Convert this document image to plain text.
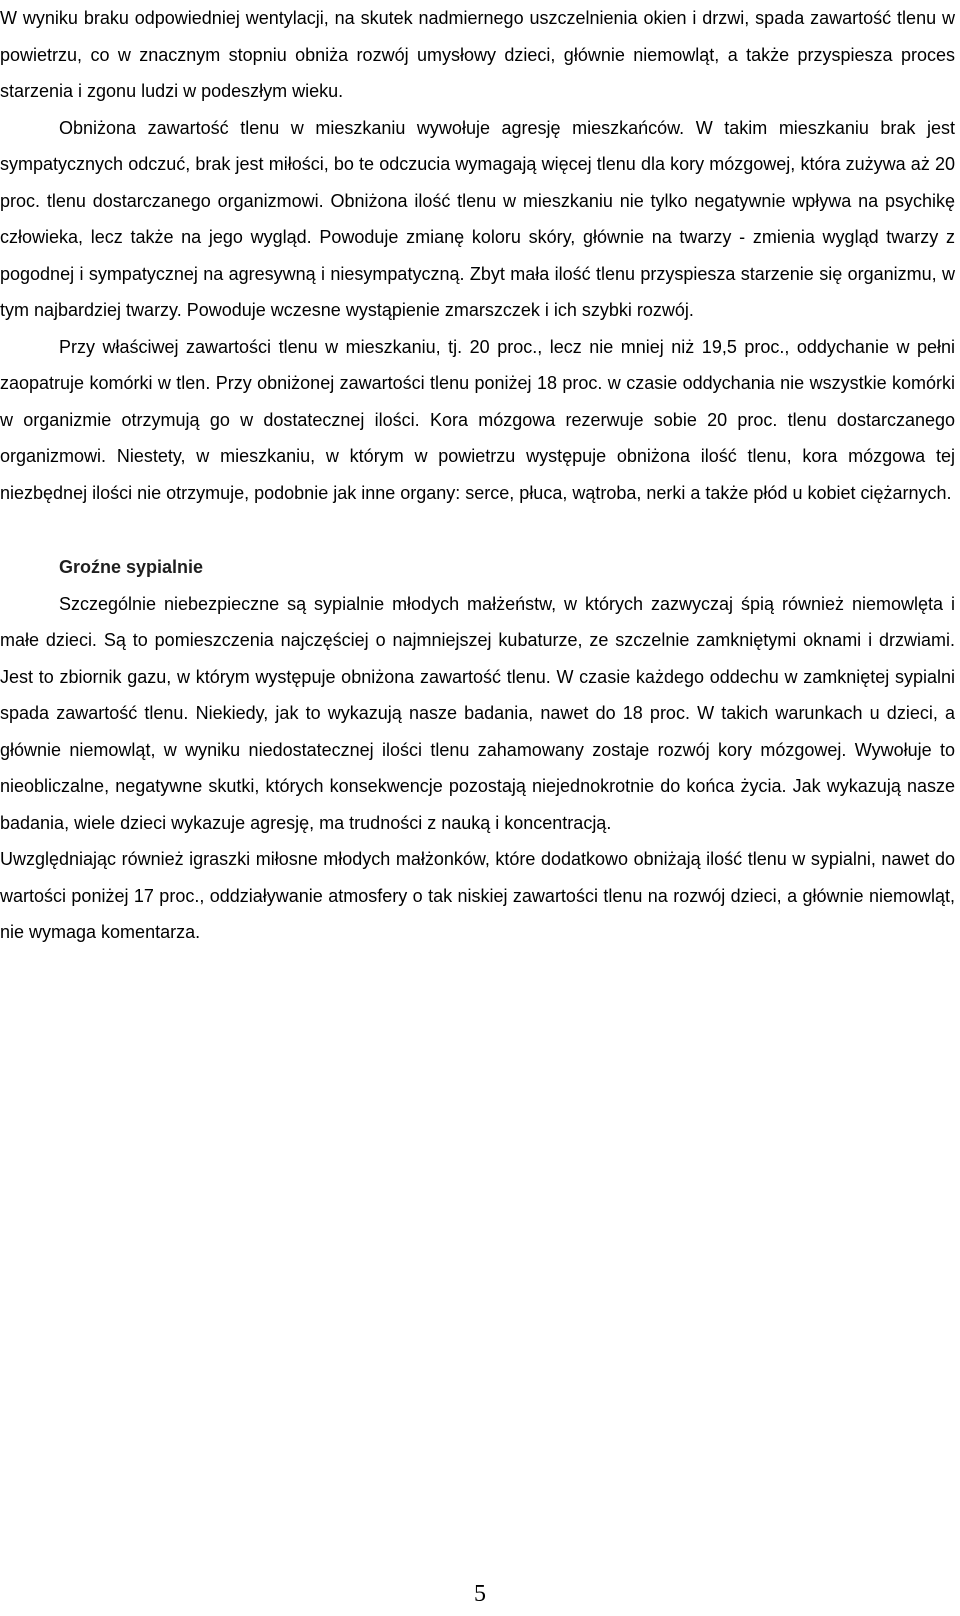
W wyniku braku odpowiedniej wentylacji, na skutek nadmiernego uszczelnienia okien i drzwi, spada zawartość tlenu w powietrzu, co w znacznym stopniu obniża rozwój umysłowy dzieci, głównie niemowląt, a także przyspiesza proces starzenia i zgonu ludzi w podeszłym wieku.

Obniżona zawartość tlenu w mieszkaniu wywołuje agresję mieszkańców. W takim mieszkaniu brak jest sympatycznych odczuć, brak jest miłości, bo te odczucia wymagają więcej tlenu dla kory mózgowej, która zużywa aż 20 proc. tlenu dostarczanego organizmowi. Obniżona ilość tlenu w mieszkaniu nie tylko negatywnie wpływa na psychikę człowieka, lecz także na jego wygląd. Powoduje zmianę koloru skóry, głównie na twarzy - zmienia wygląd twarzy z pogodnej i sympatycznej na agresywną i niesympatyczną. Zbyt mała ilość tlenu przyspiesza starzenie się organizmu, w tym najbardziej twarzy. Powoduje wczesne wystąpienie zmarszczek i ich szybki rozwój.

Przy właściwej zawartości tlenu w mieszkaniu, tj. 20 proc., lecz nie mniej niż 19,5 proc., oddychanie w pełni zaopatruje komórki w tlen. Przy obniżonej zawartości tlenu poniżej 18 proc. w czasie oddychania nie wszystkie komórki w organizmie otrzymują go w dostatecznej ilości. Kora mózgowa rezerwuje sobie 20 proc. tlenu dostarczanego organizmowi. Niestety, w mieszkaniu, w którym w powietrzu występuje obniżona ilość tlenu, kora mózgowa tej niezbędnej ilości nie otrzymuje, podobnie jak inne organy: serce, płuca, wątroba, nerki a także płód u kobiet ciężarnych.

Groźne sypialnie

Szczególnie niebezpieczne są sypialnie młodych małżeństw, w których zazwyczaj śpią również niemowlęta i małe dzieci. Są to pomieszczenia najczęściej o najmniejszej kubaturze, ze szczelnie zamkniętymi oknami i drzwiami. Jest to zbiornik gazu, w którym występuje obniżona zawartość tlenu. W czasie każdego oddechu w zamkniętej sypialni spada zawartość tlenu. Niekiedy, jak to wykazują nasze badania, nawet do 18 proc. W takich warunkach u dzieci, a głównie niemowląt, w wyniku niedostatecznej ilości tlenu zahamowany zostaje rozwój kory mózgowej. Wywołuje to nieobliczalne, negatywne skutki, których konsekwencje pozostają niejednokrotnie do końca życia. Jak wykazują nasze badania, wiele dzieci wykazuje agresję, ma trudności z nauką i koncentracją.

Uwzględniając również igraszki miłosne młodych małżonków, które dodatkowo obniżają ilość tlenu w sypialni, nawet do wartości poniżej 17 proc., oddziaływanie atmosfery o tak niskiej zawartości tlenu na rozwój dzieci, a głównie niemowląt, nie wymaga komentarza.

5
